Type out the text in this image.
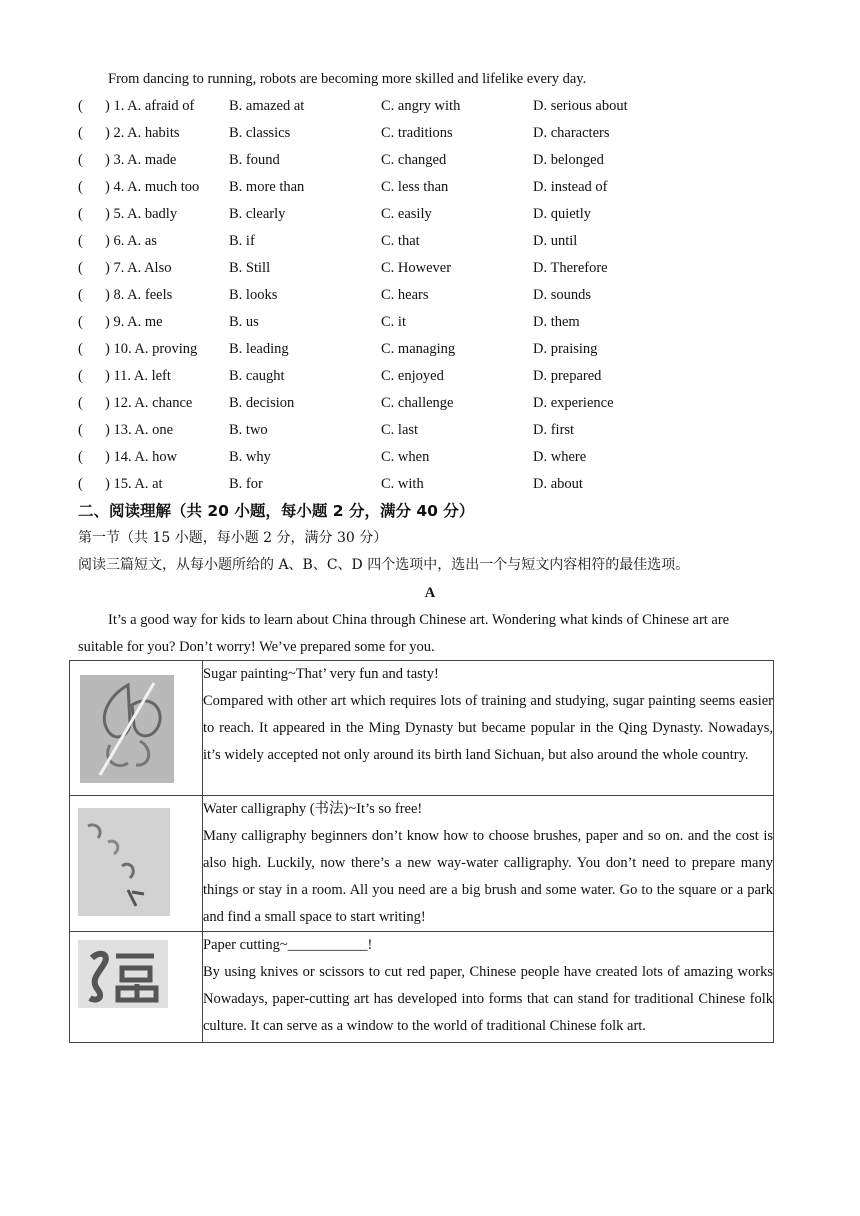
From dancing to running, robots are becoming more skilled and lifelike every day.
( ) 1. A. afraid of B. amazed at	C. angry with	D. serious about
( ) 2. A. habits	B. classics	C. traditions	D. characters
( ) 3. A. made	B. found	C. changed	D. belonged
( ) 4. A. much too B. more than	C. less than	D. instead of
( ) 5. A. badly	B. clearly	C. easily	D. quietly
( ) 6. A. as	B. if	C. that	D. until
( ) 7. A. Also	B. Still	C. However	D. Therefore
( ) 8. A. feels	B. looks	C. hears	D. sounds
( ) 9. A. me	B. us	C. it	D. them
( ) 10. A. proving B. leading	C. managing	D. praising
( ) 11. A. left	B. caught	C. enjoyed	D. prepared
( ) 12. A. chance	B. decision	C. challenge	D. experience
( ) 13. A. one	B. two	C. last	D. first
( ) 14. A. how	B. why	C. when	D. where
( ) 15. A. at	B. for	C. with	D. about
二、阅读理解（共 20 小题，每小题 2 分，满分 40 分）
第一节（共 15 小题，每小题 2 分，满分 30 分）
阅读三篇短文，从每小题所给的 A、B、C、D 四个选项中，选出一个与短文内容相符的最佳选项。
A
It’s a good way for kids to learn about China through Chinese art. Wondering what kinds of Chinese art are suitable for you? Don’t worry! We’ve prepared some for you.

Sugar painting~That’ very fun and tasty!
Compared with other art which requires lots of training and studying, sugar painting seems easier to reach. It appeared in the Ming Dynasty but became popular in the Qing Dynasty. Nowadays, it’s widely accepted not only around its birth land Sichuan, but also around the whole country.

Water calligraphy (书法)~It’s so free!
Many calligraphy beginners don’t know how to choose brushes, paper and so on. and the cost is also high. Luckily, now there’s a new way-water calligraphy. You don’t need to prepare many things or stay in a room. All you need are a big brush and some water. Go to the square or a park and find a small space to start writing!

Paper cutting~___________!
By using knives or scissors to cut red paper, Chinese people have created lots of amazing works Nowadays, paper-cutting art has developed into forms that can stand for traditional Chinese folk culture. It can serve as a window to the world of traditional Chinese folk art.
